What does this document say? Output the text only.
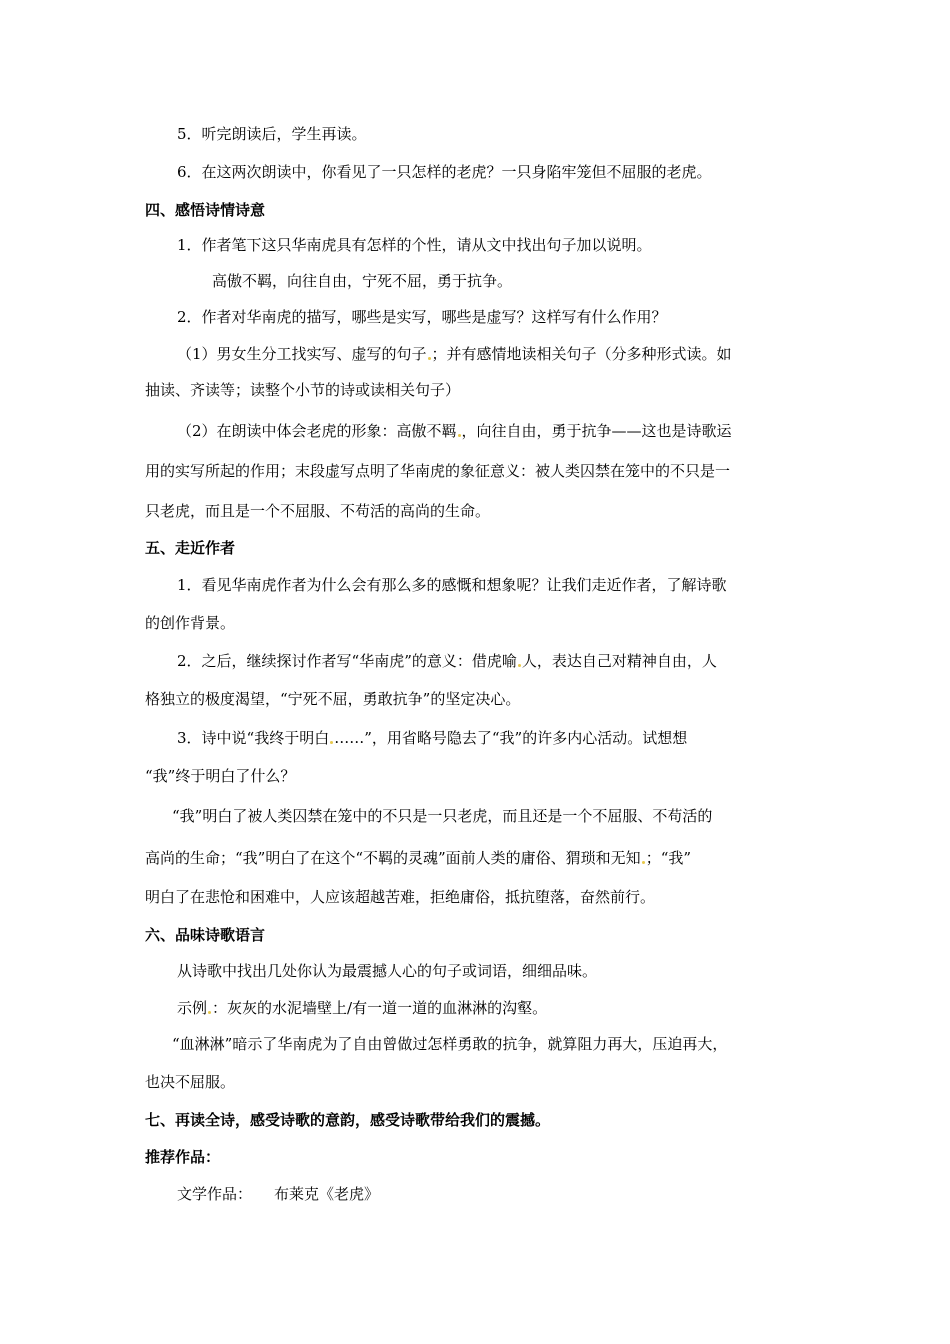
5．听完朗读后，学生再读。
6．在这两次朗读中，你看见了一只怎样的老虎？一只身陷牢笼但不屈服的老虎。
四、感悟诗情诗意
1．作者笔下这只华南虎具有怎样的个性，请从文中找出句子加以说明。
高傲不羁，向往自由，宁死不屈，勇于抗争。
2．作者对华南虎的描写，哪些是实写，哪些是虚写？这样写有什么作用？
（1）男女生分工找实写、虚写的句子 ；并有感情地读相关句子（分多种形式读。如
抽读、齐读等；读整个小节的诗或读相关句子）
（2）在朗读中体会老虎的形象：高傲不羁 ，向往自由，勇于抗争——这也是诗歌运
用的实写所起的作用；末段虚写点明了华南虎的象征意义：被人类囚禁在笼中的不只是一
只老虎，而且是一个不屈服、不苟活的高尚的生命。
五、走近作者
1．看见华南虎作者为什么会有那么多的感慨和想象呢？让我们走近作者，了解诗歌
的创作背景。
2．之后，继续探讨作者写“华南虎”的意义：借虎喻 人，表达自己对精神自由，人
格独立的极度渴望，“宁死不屈，勇敢抗争”的坚定决心。
3．诗中说“我终于明白 ……”，用省略号隐去了“我”的许多内心活动。试想想
“我”终于明白了什么？
“我”明白了被人类囚禁在笼中的不只是一只老虎，而且还是一个不屈服、不苟活的
高尚的生命；“我”明白了在这个“不羁的灵魂”面前人类的庸俗、猬琐和无知 ；“我”
明白了在悲怆和困难中，人应该超越苦难，拒绝庸俗，抵抗堕落，奋然前行。
六、品味诗歌语言
从诗歌中找出几处你认为最震撼人心的句子或词语，细细品味。
示例 ：灰灰的水泥墙壁上/有一道一道的血淋淋的沟壑。
“血淋淋”暗示了华南虎为了自由曾做过怎样勇敢的抗争，就算阻力再大，压迫再大，
也决不屈服。
七、再读全诗，感受诗歌的意韵，感受诗歌带给我们的震撼。
推荐作品：
文学作品： 布莱克《老虎》
